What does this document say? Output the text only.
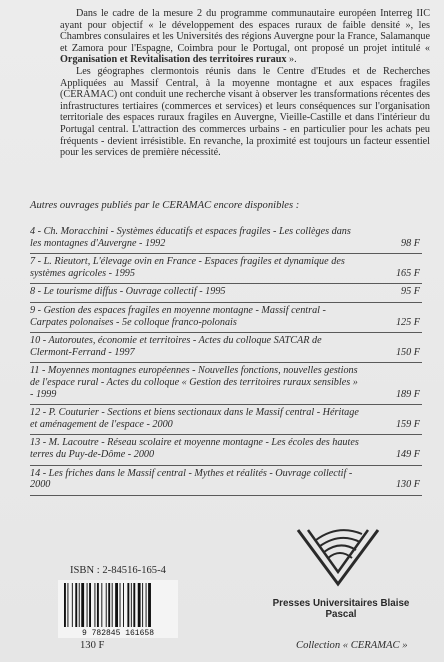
Dans le cadre de la mesure 2 du programme communautaire européen Interreg IIC ayant pour objectif « le développement des espaces ruraux de faible densité », les Chambres consulaires et les Universités des régions Auvergne pour la France, Salamanque et Zamora pour l'Espagne, Coimbra pour le Portugal, ont proposé un projet intitulé « Organisation et Revitalisation des territoires ruraux ».

Les géographes clermontois réunis dans le Centre d'Etudes et de Recherches Appliquées au Massif Central, à la moyenne montagne et aux espaces fragiles (CERAMAC) ont conduit une recherche visant à observer les transformations récentes des infrastructures tertiaires (commerces et services) et leurs conséquences sur l'organisation territoriale des espaces ruraux fragiles en Auvergne, Vieille-Castille et dans l'intérieur du Portugal central. L'attraction des commerces urbains - en particulier pour les achats peu fréquents - devient irrésistible. En revanche, la proximité est toujours un facteur essentiel pour les services de première nécessité.

Autres ouvrages publiés par le CERAMAC encore disponibles :
4 - Ch. Moracchini - Systèmes éducatifs et espaces fragiles - Les collèges dans les montagnes d'Auvergne - 1992	98 F
7 - L. Rieutort, L'élevage ovin en France - Espaces fragiles et dynamique des systèmes agricoles - 1995	165 F
8 - Le tourisme diffus - Ouvrage collectif - 1995	95 F
9 - Gestion des espaces fragiles en moyenne montagne - Massif central - Carpates polonaises - 5e colloque franco-polonais	125 F
10 - Autoroutes, économie et territoires - Actes du colloque SATCAR de Clermont-Ferrand - 1997	150 F
11 - Moyennes montagnes européennes - Nouvelles fonctions, nouvelles gestions de l'espace rural - Actes du colloque « Gestion des territoires ruraux sensibles » - 1999	189 F
12 - P. Couturier - Sections et biens sectionaux dans le Massif central - Héritage et aménagement de l'espace - 2000	159 F
13 - M. Lacoutre - Réseau scolaire et moyenne montagne - Les écoles des hautes terres du Puy-de-Dôme - 2000	149 F
14 - Les friches dans le Massif central - Mythes et réalités - Ouvrage collectif - 2000	130 F
Presses Universitaires Blaise Pascal
ISBN : 2-84516-165-4
9 782845 161658
130 F	Collection « CERAMAC »
